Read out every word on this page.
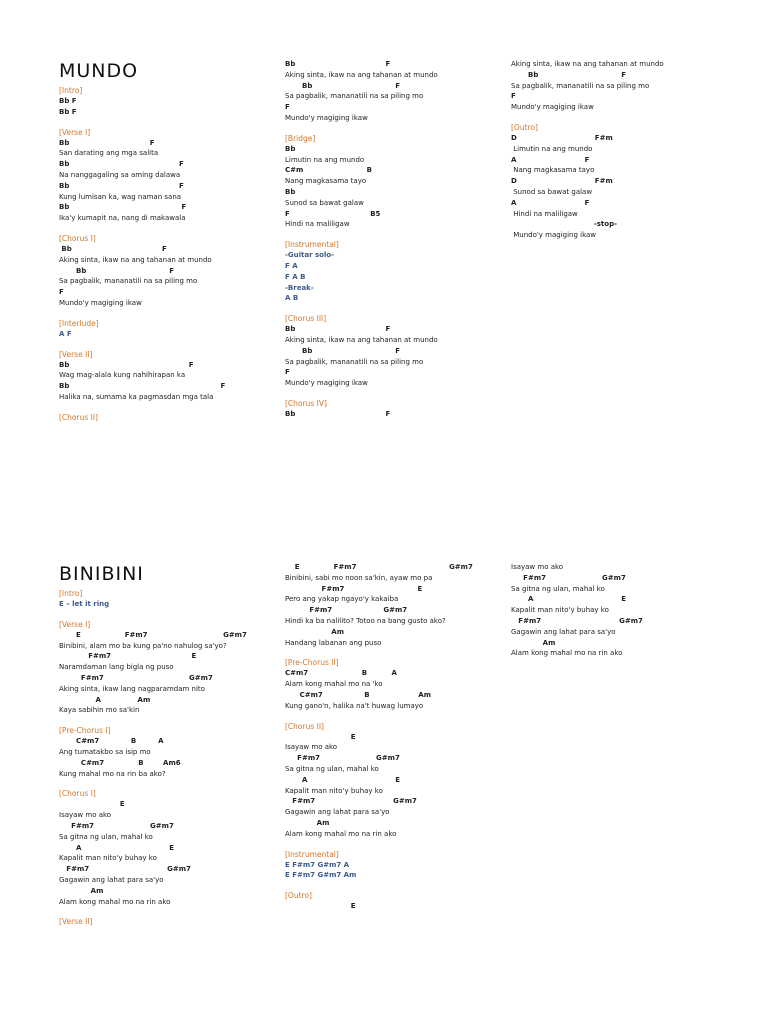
MUNDO
[Intro]
Bb F
Bb F
[Verse I]
Bb                                 F
San darating ang mga salita
Bb                                             F
Na nanggagaling sa aming dalawa
Bb                                             F
Kung lumisan ka, wag naman sana
Bb                                              F
Ika'y kumapit na, nang di makawala
[Chorus I]
Bb                                     F
Aking sinta, ikaw na ang tahanan at mundo
Bb                                  F
Sa pagbalik, mananatili na sa piling mo
F
Mundo'y magiging ikaw
[Interlude]
A F
[Verse II]
Bb                                                 F
Wag mag-alala kung nahihirapan ka
Bb                                                              F
Halika na, sumama ka pagmasdan mga tala
[Chorus II]
Bb                                     F
Aking sinta, ikaw na ang tahanan at mundo
Bb                                  F
Sa pagbalik, mananatili na sa piling mo
F
Mundo'y magiging ikaw
[Bridge]
Bb
Limutin na ang mundo
C#m                          B
Nang magkasama tayo
Bb
Sunod sa bawat galaw
F                                 B5
Hindi na maliligaw
[Instrumental]
-Guitar solo-
F A
F A B
-Break-
A B
[Chorus III]
Bb                                     F
Aking sinta, ikaw na ang tahanan at mundo
Bb                                  F
Sa pagbalik, mananatili na sa piling mo
F
Mundo'y magiging ikaw
[Chorus IV]
Bb                                     F
Aking sinta, ikaw na ang tahanan at mundo
Bb                                  F
Sa pagbalik, mananatili na sa piling mo
F
Mundo'y magiging ikaw
[Outro]
D                                F#m
Limutin na ang mundo
A                            F
Nang magkasama tayo
D                                F#m
Sunod sa bawat galaw
A                            F
Hindi na maliligaw
-stop-
Mundo'y magiging ikaw
BINIBINI
[Intro]
E – let it ring
[Verse I]
E                  F#m7                               G#m7
Binibini, alam mo ba kung pa'no nahulog sa'yo?
F#m7                                 E
Naramdaman lang bigla ng puso
F#m7                                   G#m7
Aking sinta, ikaw lang nagparamdam nito
A               Am
Kaya sabihin mo sa'kin
[Pre-Chorus I]
C#m7             B         A
Ang tumatakbo sa isip mo
C#m7              B        Am6
Kung mahal mo na rin ba ako?
[Chorus I]
E
Isayaw mo ako
F#m7                       G#m7
Sa gitna ng ulan, mahal ko
A                                    E
Kapalit man nito'y buhay ko
F#m7                                G#m7
Gagawin ang lahat para sa'yo
Am
Alam kong mahal mo na rin ako
[Verse II]
E              F#m7                                      G#m7
Binibini, sabi mo noon sa'kin, ayaw mo pa
F#m7                              E
Pero ang yakap ngayo'y kakaiba
F#m7                     G#m7
Hindi ka ba nalilito? Totoo na bang gusto ako?
Am
Handang labanan ang puso
[Pre-Chorus II]
C#m7                      B          A
Alam kong mahal mo na 'ko
C#m7                 B                    Am
Kung gano'n, halika na't huwag lumayo
[Chorus II]
E
Isayaw mo ako
F#m7                       G#m7
Sa gitna ng ulan, mahal ko
A                                    E
Kapalit man nito'y buhay ko
F#m7                                G#m7
Gagawin ang lahat para sa'yo
Am
Alam kong mahal mo na rin ako
[Instrumental]
E F#m7 G#m7 A
E F#m7 G#m7 Am
[Outro]
E
Isayaw mo ako
F#m7                       G#m7
Sa gitna ng ulan, mahal ko
A                                    E
Kapalit man nito'y buhay ko
F#m7                                G#m7
Gagawin ang lahat para sa'yo
Am
Alam kong mahal mo na rin ako
